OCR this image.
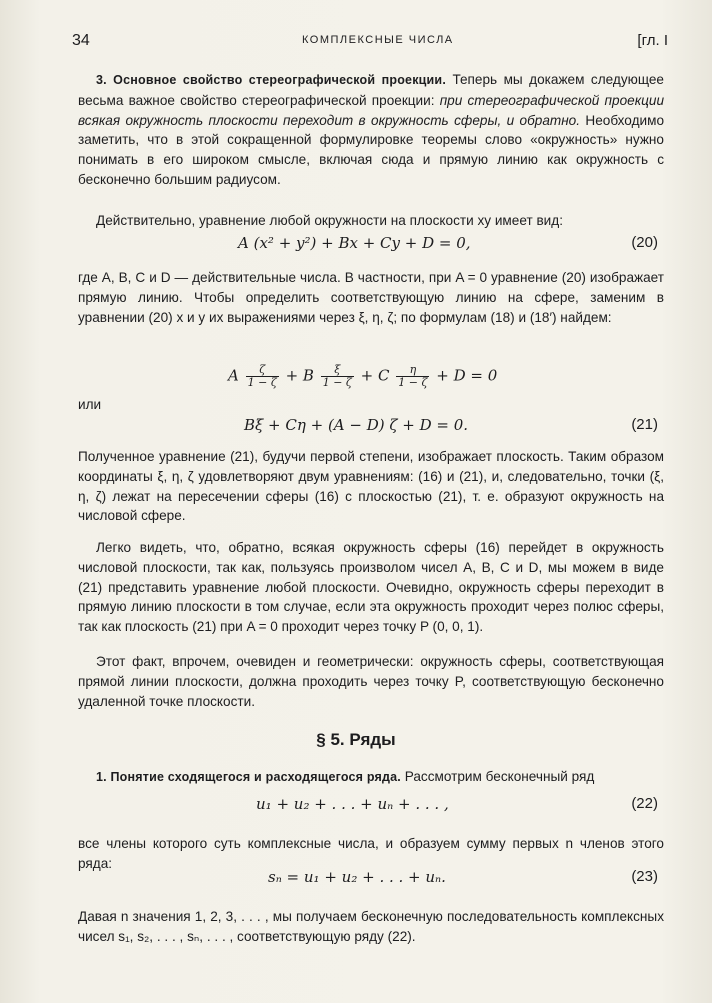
34	КОМПЛЕКСНЫЕ ЧИСЛА	[гл. I
3. Основное свойство стереографической проекции. Теперь мы докажем следующее весьма важное свойство стереографической проекции: при стереографической проекции всякая окружность плоскости переходит в окружность сферы, и обратно. Необходимо заметить, что в этой сокращенной формулировке теоремы слово «окружность» нужно понимать в его широком смысле, включая сюда и прямую линию как окружность с бесконечно большим радиусом.
Действительно, уравнение любой окружности на плоскости xy имеет вид:
A (x² + y²) + Bx + Cy + D = 0,	(20)
где A, B, C и D — действительные числа. В частности, при A = 0 уравнение (20) изображает прямую линию. Чтобы определить соответствующую линию на сфере, заменим в уравнении (20) x и y их выражениями через ξ, η, ζ; по формулам (18) и (18′) найдем:
A $\frac{\zeta}{1 - \zeta} + B \frac{\xi}{1 - \zeta} + C \frac{\eta}{1 - \zeta} + D = 0$
или
Bξ + Cη + (A − D) ζ + D = 0.	(21)
Полученное уравнение (21), будучи первой степени, изображает плоскость. Таким образом координаты ξ, η, ζ удовлетворяют двум уравнениям: (16) и (21), и, следовательно, точки (ξ, η, ζ) лежат на пересечении сферы (16) с плоскостью (21), т. е. образуют окружность на числовой сфере.
Легко видеть, что, обратно, всякая окружность сферы (16) перейдет в окружность числовой плоскости, так как, пользуясь произволом чисел A, B, C и D, мы можем в виде (21) представить уравнение любой плоскости. Очевидно, окружность сферы переходит в прямую линию плоскости в том случае, если эта окружность проходит через полюс сферы, так как плоскость (21) при A = 0 проходит через точку P (0, 0, 1).
Этот факт, впрочем, очевиден и геометрически: окружность сферы, соответствующая прямой линии плоскости, должна проходить через точку P, соответствующую бесконечно удаленной точке плоскости.
§ 5. Ряды
1. Понятие сходящегося и расходящегося ряда. Рассмотрим бесконечный ряд
u₁ + u₂ + . . . + uₙ + . . . ,	(22)
все члены которого суть комплексные числа, и образуем сумму первых n членов этого ряда:
sₙ = u₁ + u₂ + . . . + uₙ.	(23)
Давая n значения 1, 2, 3, . . . , мы получаем бесконечную последовательность комплексных чисел s₁, s₂, . . . , sₙ, . . . , соответствующую ряду (22).
